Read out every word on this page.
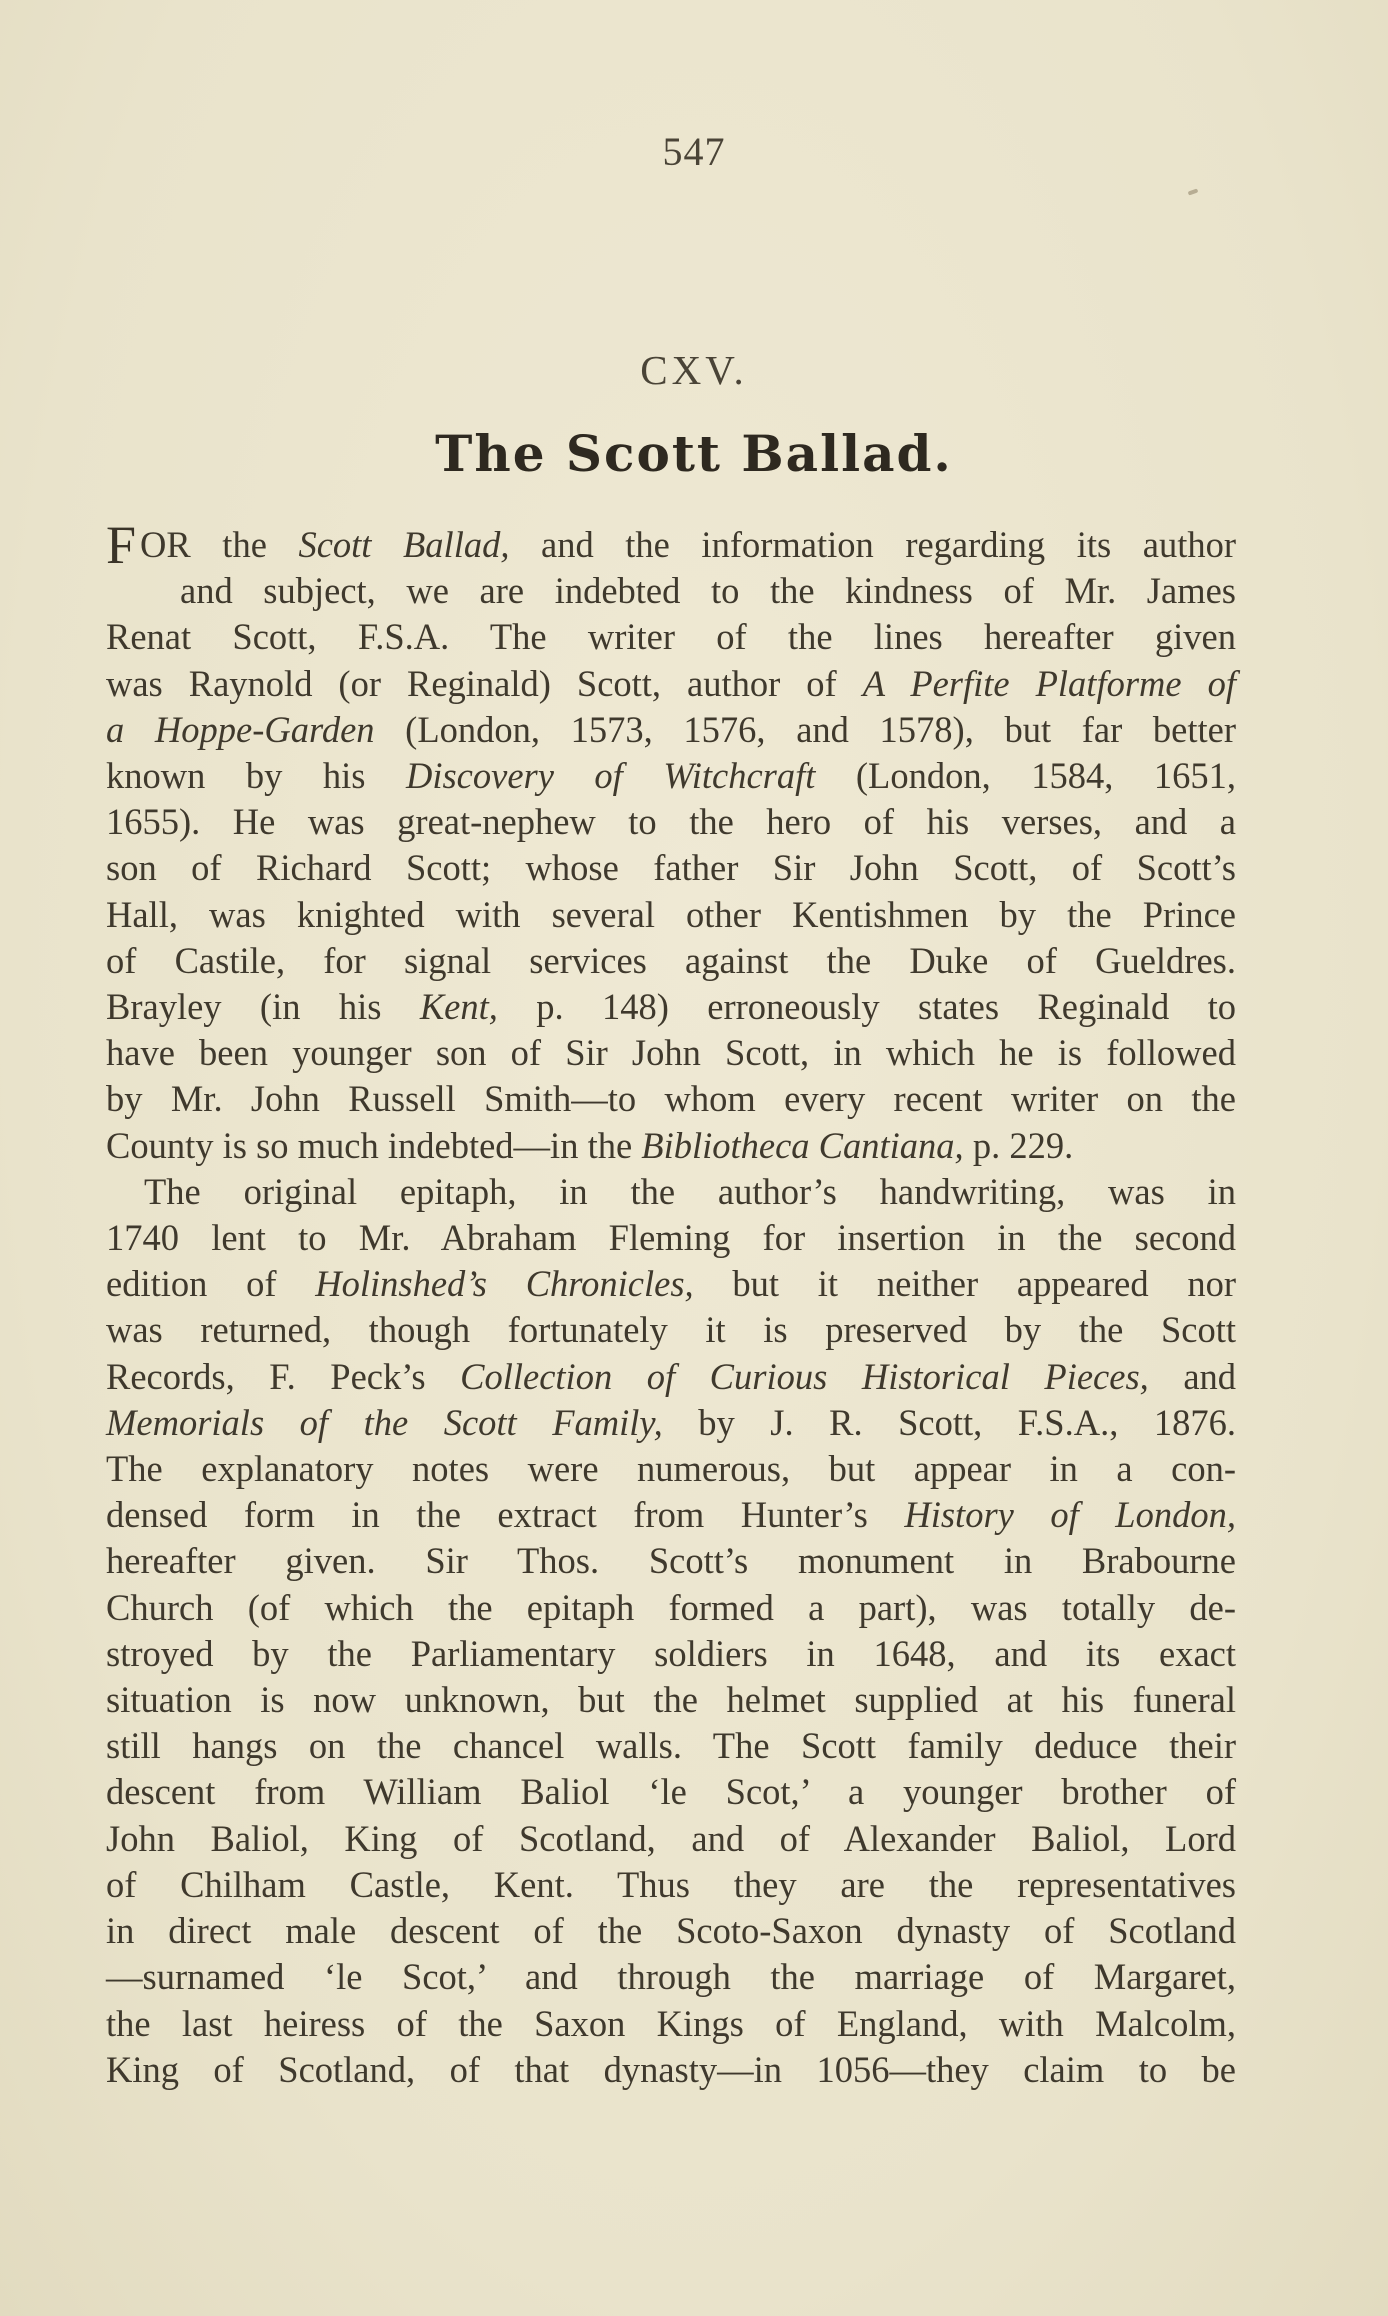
547
CXV.
The Scott Ballad.
F OR the Scott Ballad, and the information regarding its author
and subject, we are indebted to the kindness of Mr. James
Renat Scott, F.S.A. The writer of the lines hereafter given
was Raynold (or Reginald) Scott, author of A Perfite Platforme of
a Hoppe-Garden (London, 1573, 1576, and 1578), but far better
known by his Discovery of Witchcraft (London, 1584, 1651,
1655). He was great-nephew to the hero of his verses, and a
son of Richard Scott; whose father Sir John Scott, of Scott’s
Hall, was knighted with several other Kentishmen by the Prince
of Castile, for signal services against the Duke of Gueldres.
Brayley (in his Kent, p. 148) erroneously states Reginald to
have been younger son of Sir John Scott, in which he is followed
by Mr. John Russell Smith—to whom every recent writer on the
County is so much indebted—in the Bibliotheca Cantiana, p. 229.
The original epitaph, in the author’s handwriting, was in
1740 lent to Mr. Abraham Fleming for insertion in the second
edition of Holinshed’s Chronicles, but it neither appeared nor
was returned, though fortunately it is preserved by the Scott
Records, F. Peck’s Collection of Curious Historical Pieces, and
Memorials of the Scott Family, by J. R. Scott, F.S.A., 1876.
The explanatory notes were numerous, but appear in a con-
densed form in the extract from Hunter’s History of London,
hereafter given. Sir Thos. Scott’s monument in Brabourne
Church (of which the epitaph formed a part), was totally de-
stroyed by the Parliamentary soldiers in 1648, and its exact
situation is now unknown, but the helmet supplied at his funeral
still hangs on the chancel walls. The Scott family deduce their
descent from William Baliol ‘le Scot,’ a younger brother of
John Baliol, King of Scotland, and of Alexander Baliol, Lord
of Chilham Castle, Kent. Thus they are the representatives
in direct male descent of the Scoto-Saxon dynasty of Scotland
—surnamed ‘le Scot,’ and through the marriage of Margaret,
the last heiress of the Saxon Kings of England, with Malcolm,
King of Scotland, of that dynasty—in 1056—they claim to be
